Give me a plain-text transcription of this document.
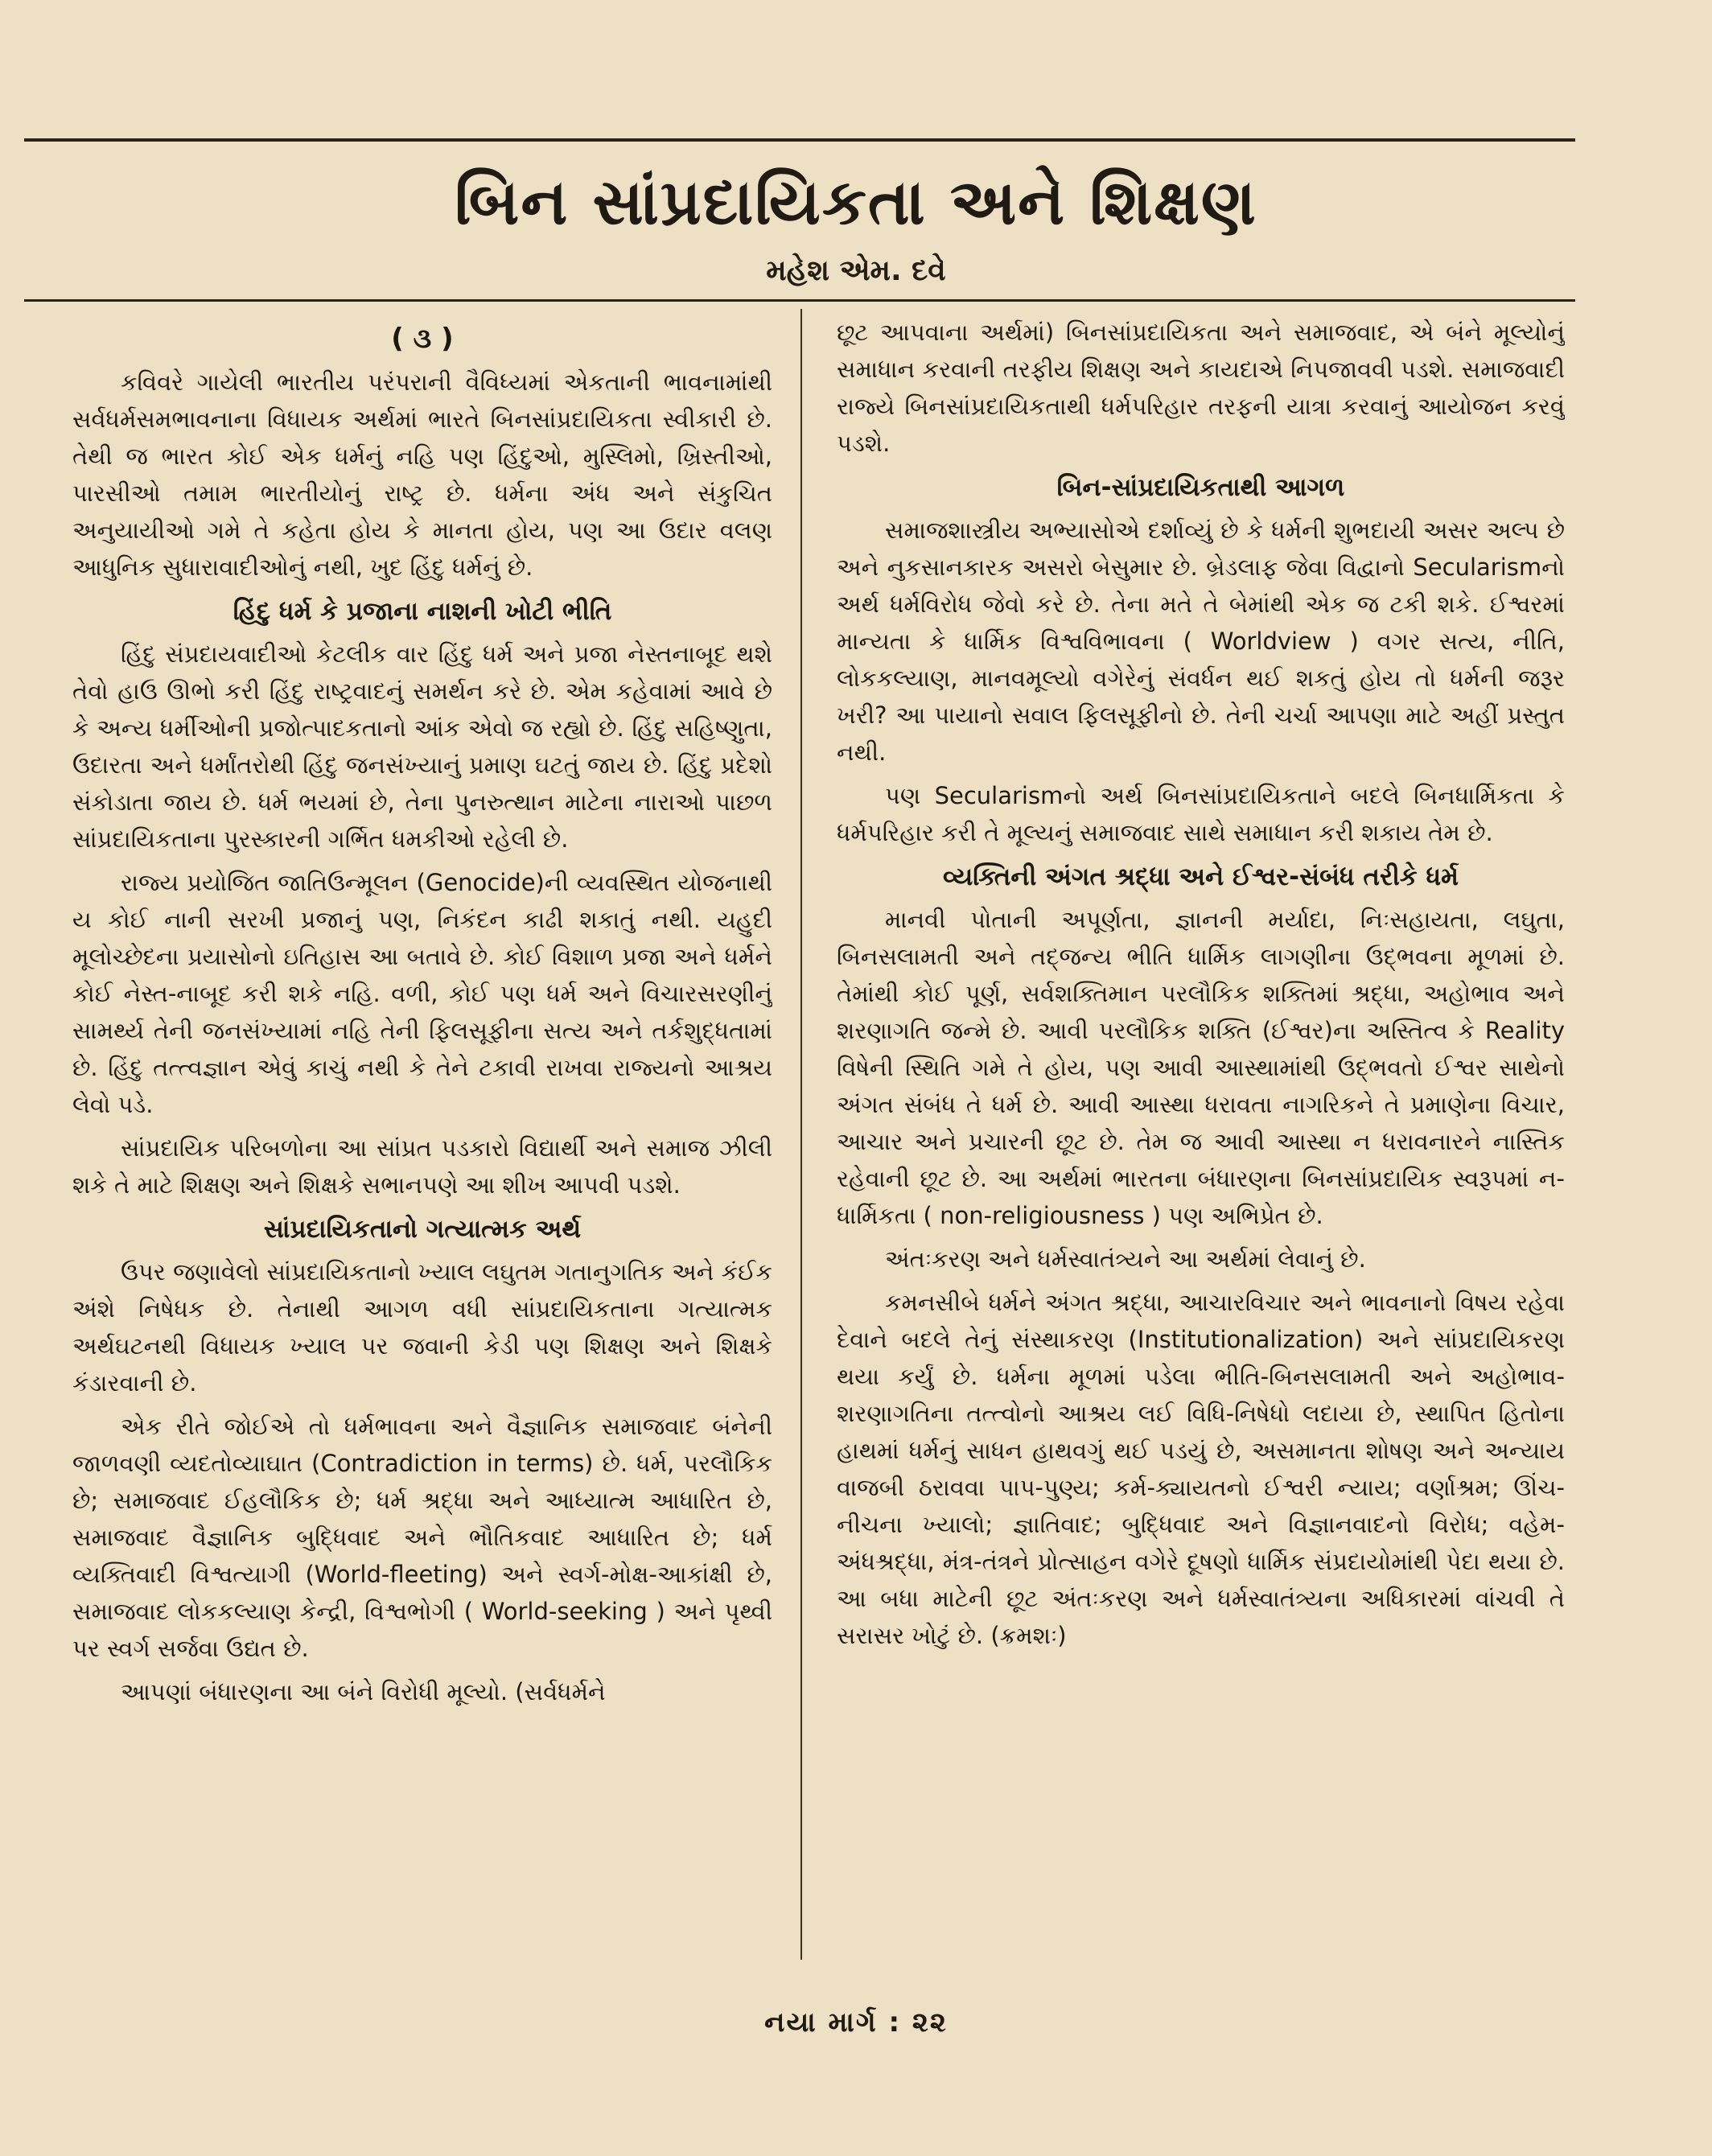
બિન સાંપ્રદાયિકતા અને શિક્ષણ
મહેશ એમ. દવે
( ૩ )

કવિવરે ગાયેલી ભારતીય પરંપરાની વૈવિધ્યમાં એકતાની ભાવનામાંથી સર્વધર્મસમભાવનાના વિધાયક અર્થમાં ભારતે બિનસાંપ્રદાયિકતા સ્વીકારી છે. તેથી જ ભારત કોઈ એક ધર્મનું નહિ પણ હિંદુઓ, મુસ્લિમો, ખ્રિસ્તીઓ, પારસીઓ તમામ ભારતીયોનું રાષ્ટ્ર છે. ધર્મના અંધ અને સંકુચિત અનુયાયીઓ ગમે તે કહેતા હોય કે માનતા હોય, પણ આ ઉદાર વલણ આધુનિક સુધારાવાદીઓનું નથી, ખુદ હિંદુ ધર્મનું છે.

હિંદુ ધર્મ કે પ્રજાના નાશની ખોટી ભીતિ

હિંદુ સંપ્રદાયવાદીઓ કેટલીક વાર હિંદુ ધર્મ અને પ્રજા નેસ્તનાબૂદ થશે તેવો હાઉ ઊભો કરી હિંદુ રાષ્ટ્રવાદનું સમર્થન કરે છે. એમ કહેવામાં આવે છે કે અન્ય ધર્મીઓની પ્રજોત્પાદકતાનો આંક એવો જ રહ્યો છે. હિંદુ સહિષ્ણુતા, ઉદારતા અને ધર્માંતરોથી હિંદુ જનસંખ્યાનું પ્રમાણ ઘટતું જાય છે. હિંદુ પ્રદેશો સંકોડાતા જાય છે. ધર્મ ભયમાં છે, તેના પુનરુત્થાન માટેના નારાઓ પાછળ સાંપ્રદાયિકતાના પુરસ્કારની ગર્ભિત ધમકીઓ રહેલી છે.

રાજ્ય પ્રયોજિત જાતિઉન્મૂલન (Genocide)ની વ્યવસ્થિત યોજનાથી ય કોઈ નાની સરખી પ્રજાનું પણ, નિકંદન કાઢી શકાતું નથી. યહુદી મૂલોચ્છેદના પ્રયાસોનો ઇતિહાસ આ બતાવે છે. કોઈ વિશાળ પ્રજા અને ધર્મને કોઈ નેસ્ત-નાબૂદ કરી શકે નહિ. વળી, કોઈ પણ ધર્મ અને વિચારસરણીનું સામર્થ્ય તેની જનસંખ્યામાં નહિ તેની ફિલસૂફીના સત્ય અને તર્કશુદ્ધતામાં છે. હિંદુ તત્ત્વજ્ઞાન એવું કાચું નથી કે તેને ટકાવી રાખવા રાજ્યનો આશ્રય લેવો પડે.

સાંપ્રદાયિક પરિબળોના આ સાંપ્રત પડકારો વિદ્યાર્થી અને સમાજ ઝીલી શકે તે માટે શિક્ષણ અને શિક્ષકે સભાનપણે આ શીખ આપવી પડશે.

સાંપ્રદાયિકતાનો ગત્યાત્મક અર્થ

ઉપર જણાવેલો સાંપ્રદાયિકતાનો ખ્યાલ લઘુતમ ગતાનુગતિક અને કંઈક અંશે નિષેધક છે. તેનાથી આગળ વધી સાંપ્રદાયિકતાના ગત્યાત્મક અર્થઘટનથી વિધાયક ખ્યાલ પર જવાની કેડી પણ શિક્ષણ અને શિક્ષકે કંડારવાની છે.

એક રીતે જોઈએ તો ધર્મભાવના અને વૈજ્ઞાનિક સમાજવાદ બંનેની જાળવણી વ્યદતોવ્યાઘાત (Contradiction in terms) છે. ધર્મ, પરલૌકિક છે; સમાજવાદ ઈહલૌકિક છે; ધર્મ શ્રદ્ધા અને આધ્યાત્મ આધારિત છે, સમાજવાદ વૈજ્ઞાનિક બુદ્ધિવાદ અને ભૌતિકવાદ આધારિત છે; ધર્મ વ્યક્તિવાદી વિશ્વત્યાગી (World-fleeting) અને સ્વર્ગ-મોક્ષ-આકાંક્ષી છે, સમાજવાદ લોકકલ્યાણ કેન્દ્રી, વિશ્વભોગી ( World-seeking ) અને પૃથ્વી પર સ્વર્ગ સર્જવા ઉદ્યત છે.

આપણાં બંધારણના આ બંને વિરોધી મૂલ્યો. (સર્વધર્મને

છૂટ આપવાના અર્થમાં) બિનસાંપ્રદાયિકતા અને સમાજવાદ, એ બંને મૂલ્યોનું સમાધાન કરવાની તરફીય શિક્ષણ અને કાયદાએ નિપજાવવી પડશે. સમાજવાદી રાજ્યે બિનસાંપ્રદાયિકતાથી ધર્મપરિહાર તરફની યાત્રા કરવાનું આયોજન કરવું પડશે.

બિન-સાંપ્રદાયિકતાથી આગળ

સમાજશાસ્ત્રીય અભ્યાસોએ દર્શાવ્યું છે કે ધર્મની શુભદાયી અસર અલ્પ છે અને નુકસાનકારક અસરો બેસુમાર છે. બ્રેડલાફ જેવા વિદ્વાનો Secularismનો અર્થ ધર્મવિરોધ જેવો કરે છે. તેના મતે તે બેમાંથી એક જ ટકી શકે. ઈશ્વરમાં માન્યતા કે ધાર્મિક વિશ્વવિભાવના ( Worldview ) વગર સત્ય, નીતિ, લોકકલ્યાણ, માનવમૂલ્યો વગેરેનું સંવર્ધન થઈ શકતું હોય તો ધર્મની જરૂર ખરી? આ પાયાનો સવાલ ફિલસૂફીનો છે. તેની ચર્ચા આપણા માટે અહીં પ્રસ્તુત નથી.

પણ Secularismનો અર્થ બિનસાંપ્રદાયિકતાને બદલે બિનધાર્મિકતા કે ધર્મપરિહાર કરી તે મૂલ્યનું સમાજવાદ સાથે સમાધાન કરી શકાય તેમ છે.

વ્યક્તિની અંગત શ્રદ્ધા અને ઈશ્વર-સંબંધ તરીકે ધર્મ

માનવી પોતાની અપૂર્ણતા, જ્ઞાનની મર્યાદા, નિઃસહાયતા, લઘુતા, બિનસલામતી અને તદ્જન્ય ભીતિ ધાર્મિક લાગણીના ઉદ્ભવના મૂળમાં છે. તેમાંથી કોઈ પૂર્ણ, સર્વશક્તિમાન પરલૌકિક શક્તિમાં શ્રદ્ધા, અહોભાવ અને શરણાગતિ જન્મે છે. આવી પરલૌકિક શક્તિ (ઈશ્વર)ના અસ્તિત્વ કે Reality વિષેની સ્થિતિ ગમે તે હોય, પણ આવી આસ્થામાંથી ઉદ્ભવતો ઈશ્વર સાથેનો અંગત સંબંધ તે ધર્મ છે. આવી આસ્થા ધરાવતા નાગરિકને તે પ્રમાણેના વિચાર, આચાર અને પ્રચારની છૂટ છે. તેમ જ આવી આસ્થા ન ધરાવનારને નાસ્તિક રહેવાની છૂટ છે. આ અર્થમાં ભારતના બંધારણના બિનસાંપ્રદાયિક સ્વરૂપમાં ન-ધાર્મિકતા ( non-religiousness ) પણ અભિપ્રેત છે.

અંતઃકરણ અને ધર્મસ્વાતંત્ર્યને આ અર્થમાં લેવાનું છે.

કમનસીબે ધર્મને અંગત શ્રદ્ધા, આચારવિચાર અને ભાવનાનો વિષય રહેવા દેવાને બદલે તેનું સંસ્થાકરણ (Institutionalization) અને સાંપ્રદાયિકરણ થયા કર્યું છે. ધર્મના મૂળમાં પડેલા ભીતિ-બિનસલામતી અને અહોભાવ-શરણાગતિના તત્ત્વોનો આશ્રય લઈ વિધિ-નિષેધો લદાયા છે, સ્થાપિત હિતોના હાથમાં ધર્મનું સાધન હાથવગું થઈ પડયું છે, અસમાનતા શોષણ અને અન્યાય વાજબી ઠરાવવા પાપ-પુણ્ય; કર્મ-ક્યાયતનો ઈશ્વરી ન્યાય; વર્ણાશ્રમ; ઊંચ-નીચના ખ્યાલો; જ્ઞાતિવાદ; બુદ્ધિવાદ અને વિજ્ઞાનવાદનો વિરોધ; વહેમ-અંધશ્રદ્ધા, મંત્ર-તંત્રને પ્રોત્સાહન વગેરે દૂષણો ધાર્મિક સંપ્રદાયોમાંથી પેદા થયા છે. આ બધા માટેની છૂટ અંતઃકરણ અને ધર્મસ્વાતંત્ર્યના અધિકારમાં વાંચવી તે સરાસર ખોટું છે. (ક્રમશઃ)

નયા માર્ગ : ૨૨
